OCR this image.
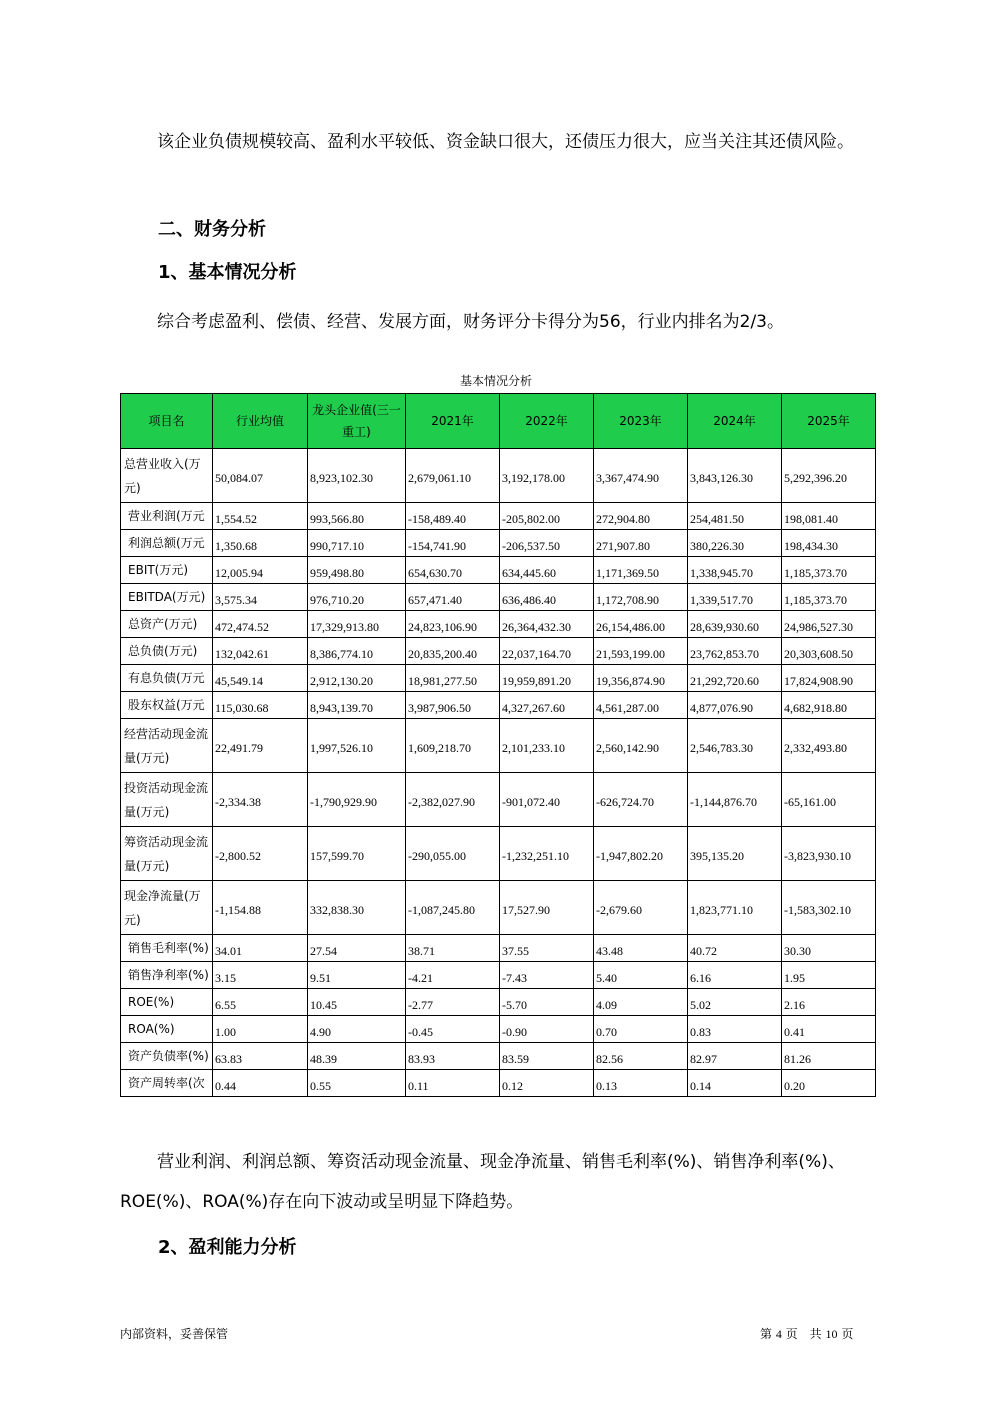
该企业负债规模较高、盈利水平较低、资金缺口很大，还债压力很大，应当关注其还债风险。

二、财务分析

1、基本情况分析

综合考虑盈利、偿债、经营、发展方面，财务评分卡得分为56，行业内排名为2/3。

基本情况分析
项目名	行业均值	龙头企业值(三一重工)	2021年	2022年	2023年	2024年	2025年
总营业收入(万元)	50,084.07	8,923,102.30	2,679,061.10	3,192,178.00	3,367,474.90	3,843,126.30	5,292,396.20
营业利润(万元	1,554.52	993,566.80	-158,489.40	-205,802.00	272,904.80	254,481.50	198,081.40
利润总额(万元	1,350.68	990,717.10	-154,741.90	-206,537.50	271,907.80	380,226.30	198,434.30
EBIT(万元)	12,005.94	959,498.80	654,630.70	634,445.60	1,171,369.50	1,338,945.70	1,185,373.70
EBITDA(万元)	3,575.34	976,710.20	657,471.40	636,486.40	1,172,708.90	1,339,517.70	1,185,373.70
总资产(万元)	472,474.52	17,329,913.80	24,823,106.90	26,364,432.30	26,154,486.00	28,639,930.60	24,986,527.30
总负债(万元)	132,042.61	8,386,774.10	20,835,200.40	22,037,164.70	21,593,199.00	23,762,853.70	20,303,608.50
有息负债(万元	45,549.14	2,912,130.20	18,981,277.50	19,959,891.20	19,356,874.90	21,292,720.60	17,824,908.90
股东权益(万元	115,030.68	8,943,139.70	3,987,906.50	4,327,267.60	4,561,287.00	4,877,076.90	4,682,918.80
经营活动现金流量(万元)	22,491.79	1,997,526.10	1,609,218.70	2,101,233.10	2,560,142.90	2,546,783.30	2,332,493.80
投资活动现金流量(万元)	-2,334.38	-1,790,929.90	-2,382,027.90	-901,072.40	-626,724.70	-1,144,876.70	-65,161.00
筹资活动现金流量(万元)	-2,800.52	157,599.70	-290,055.00	-1,232,251.10	-1,947,802.20	395,135.20	-3,823,930.10
现金净流量(万元)	-1,154.88	332,838.30	-1,087,245.80	17,527.90	-2,679.60	1,823,771.10	-1,583,302.10
销售毛利率(%)	34.01	27.54	38.71	37.55	43.48	40.72	30.30
销售净利率(%)	3.15	9.51	-4.21	-7.43	5.40	6.16	1.95
ROE(%)	6.55	10.45	-2.77	-5.70	4.09	5.02	2.16
ROA(%)	1.00	4.90	-0.45	-0.90	0.70	0.83	0.41
资产负债率(%)	63.83	48.39	83.93	83.59	82.56	82.97	81.26
资产周转率(次	0.44	0.55	0.11	0.12	0.13	0.14	0.20

营业利润、利润总额、筹资活动现金流量、现金净流量、销售毛利率(%)、销售净利率(%)、ROE(%)、ROA(%)存在向下波动或呈明显下降趋势。

2、盈利能力分析

内部资料，妥善保管	第 4 页　共 10 页
